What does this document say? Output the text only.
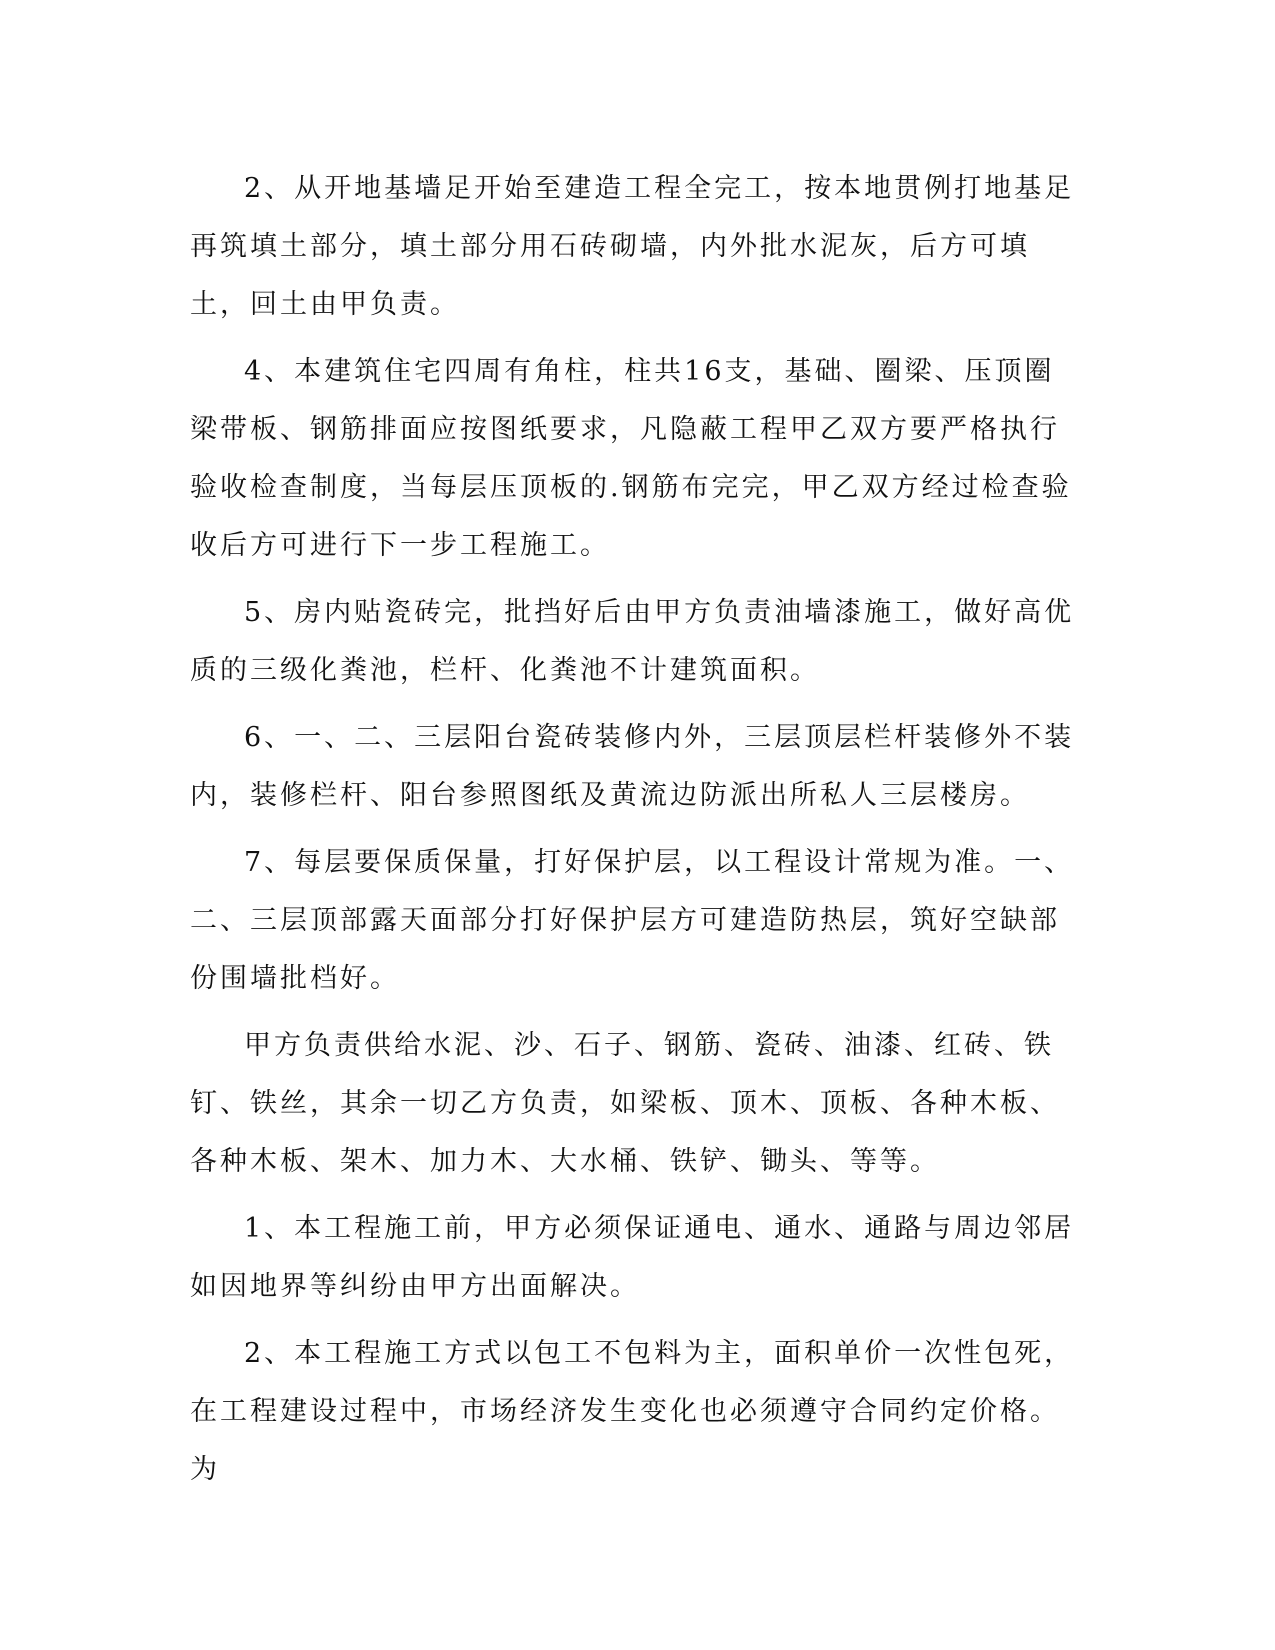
2、从开地基墙足开始至建造工程全完工，按本地贯例打地基足再筑填土部分，填土部分用石砖砌墙，内外批水泥灰，后方可填土，回土由甲负责。

4、本建筑住宅四周有角柱，柱共16支，基础、圈梁、压顶圈梁带板、钢筋排面应按图纸要求，凡隐蔽工程甲乙双方要严格执行验收检查制度，当每层压顶板的.钢筋布完完，甲乙双方经过检查验收后方可进行下一步工程施工。

5、房内贴瓷砖完，批挡好后由甲方负责油墙漆施工，做好高优质的三级化粪池，栏杆、化粪池不计建筑面积。

6、一、二、三层阳台瓷砖装修内外，三层顶层栏杆装修外不装内，装修栏杆、阳台参照图纸及黄流边防派出所私人三层楼房。

7、每层要保质保量，打好保护层，以工程设计常规为准。一、二、三层顶部露天面部分打好保护层方可建造防热层，筑好空缺部份围墙批档好。

甲方负责供给水泥、沙、石子、钢筋、瓷砖、油漆、红砖、铁钉、铁丝，其余一切乙方负责，如梁板、顶木、顶板、各种木板、各种木板、架木、加力木、大水桶、铁铲、锄头、等等。

1、本工程施工前，甲方必须保证通电、通水、通路与周边邻居如因地界等纠纷由甲方出面解决。

2、本工程施工方式以包工不包料为主，面积单价一次性包死，在工程建设过程中，市场经济发生变化也必须遵守合同约定价格。为
